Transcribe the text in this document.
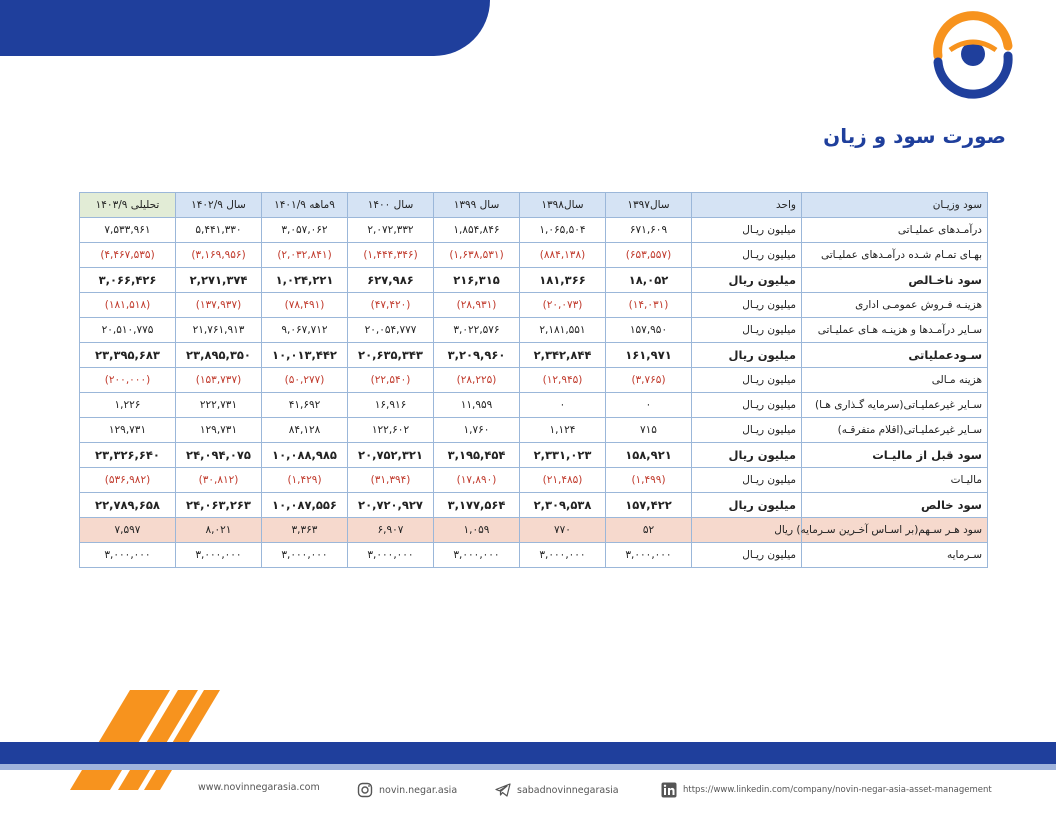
صورت سود و زیان
سود وزیـان	واحد	سال۱۳۹۷	سال۱۳۹۸	سال ۱۳۹۹	سال ۱۴۰۰	۹ماهه ۱۴۰۱/۹	سال ۱۴۰۲/۹	تحلیلی ۱۴۰۳/۹
درآمـدهای عملیـاتی	میلیون ریـال	۶۷۱,۶۰۹	۱,۰۶۵,۵۰۴	۱,۸۵۴,۸۴۶	۲,۰۷۲,۳۳۲	۳,۰۵۷,۰۶۲	۵,۴۴۱,۳۳۰	۷,۵۳۳,۹۶۱
بهـای تمـام شـده درآمـدهای عملیـاتی	میلیون ریـال	(۶۵۳,۵۵۷)	(۸۸۴,۱۳۸)	(۱,۶۳۸,۵۳۱)	(۱,۴۴۴,۳۴۶)	(۲,۰۳۲,۸۴۱)	(۳,۱۶۹,۹۵۶)	(۴,۴۶۷,۵۳۵)
سود ناخـالص	میلیون ریال	۱۸,۰۵۲	۱۸۱,۳۶۶	۲۱۶,۳۱۵	۶۲۷,۹۸۶	۱,۰۲۴,۲۲۱	۲,۲۷۱,۳۷۴	۳,۰۶۶,۴۲۶
هزینـه فـروش عمومـی اداری	میلیون ریـال	(۱۴,۰۳۱)	(۲۰,۰۷۳)	(۲۸,۹۳۱)	(۴۷,۴۲۰)	(۷۸,۴۹۱)	(۱۳۷,۹۳۷)	(۱۸۱,۵۱۸)
سـایر درآمـدها و هزینـه هـای عملیـاتی	میلیون ریـال	۱۵۷,۹۵۰	۲,۱۸۱,۵۵۱	۳,۰۲۲,۵۷۶	۲۰,۰۵۴,۷۷۷	۹,۰۶۷,۷۱۲	۲۱,۷۶۱,۹۱۳	۲۰,۵۱۰,۷۷۵
سـودعملیاتی	میلیون ریال	۱۶۱,۹۷۱	۲,۳۴۲,۸۴۴	۳,۲۰۹,۹۶۰	۲۰,۶۳۵,۳۴۳	۱۰,۰۱۳,۴۴۲	۲۳,۸۹۵,۳۵۰	۲۳,۳۹۵,۶۸۳
هزینه مـالی	میلیون ریـال	(۳,۷۶۵)	(۱۲,۹۴۵)	(۲۸,۲۲۵)	(۲۲,۵۴۰)	(۵۰,۲۷۷)	(۱۵۳,۷۳۷)	(۲۰۰,۰۰۰)
سـایر غیرعملیـاتی(سرمایه گـذاری هـا)	میلیون ریـال	۰	۰	۱۱,۹۵۹	۱۶,۹۱۶	۴۱,۶۹۲	۲۲۲,۷۳۱	۱,۲۲۶
سـایر غیرعملیـاتی(اقلام متفرقـه)	میلیون ریـال	۷۱۵	۱,۱۲۴	۱,۷۶۰	۱۲۲,۶۰۲	۸۴,۱۲۸	۱۲۹,۷۳۱	۱۲۹,۷۳۱
سود قبل از مالیـات	میلیون ریال	۱۵۸,۹۲۱	۲,۳۳۱,۰۲۳	۳,۱۹۵,۴۵۴	۲۰,۷۵۲,۳۲۱	۱۰,۰۸۸,۹۸۵	۲۴,۰۹۴,۰۷۵	۲۳,۳۲۶,۶۴۰
مالیـات	میلیون ریـال	(۱,۴۹۹)	(۲۱,۴۸۵)	(۱۷,۸۹۰)	(۳۱,۳۹۴)	(۱,۴۲۹)	(۳۰,۸۱۲)	(۵۳۶,۹۸۲)
سود خالص	میلیون ریال	۱۵۷,۴۲۲	۲,۳۰۹,۵۳۸	۳,۱۷۷,۵۶۴	۲۰,۷۲۰,۹۲۷	۱۰,۰۸۷,۵۵۶	۲۴,۰۶۳,۲۶۳	۲۲,۷۸۹,۶۵۸
سود هـر سـهم(بر اسـاس آخـرین سـرمایه) ریال		۵۲	۷۷۰	۱,۰۵۹	۶,۹۰۷	۳,۳۶۳	۸,۰۲۱	۷,۵۹۷
سـرمایه	میلیون ریـال	۳,۰۰۰,۰۰۰	۳,۰۰۰,۰۰۰	۳,۰۰۰,۰۰۰	۳,۰۰۰,۰۰۰	۳,۰۰۰,۰۰۰	۳,۰۰۰,۰۰۰	۳,۰۰۰,۰۰۰
www.novinnegarasia.com	novin.negar.asia	sabadnovinnegarasia	https://www.linkedin.com/company/novin-negar-asia-asset-management
